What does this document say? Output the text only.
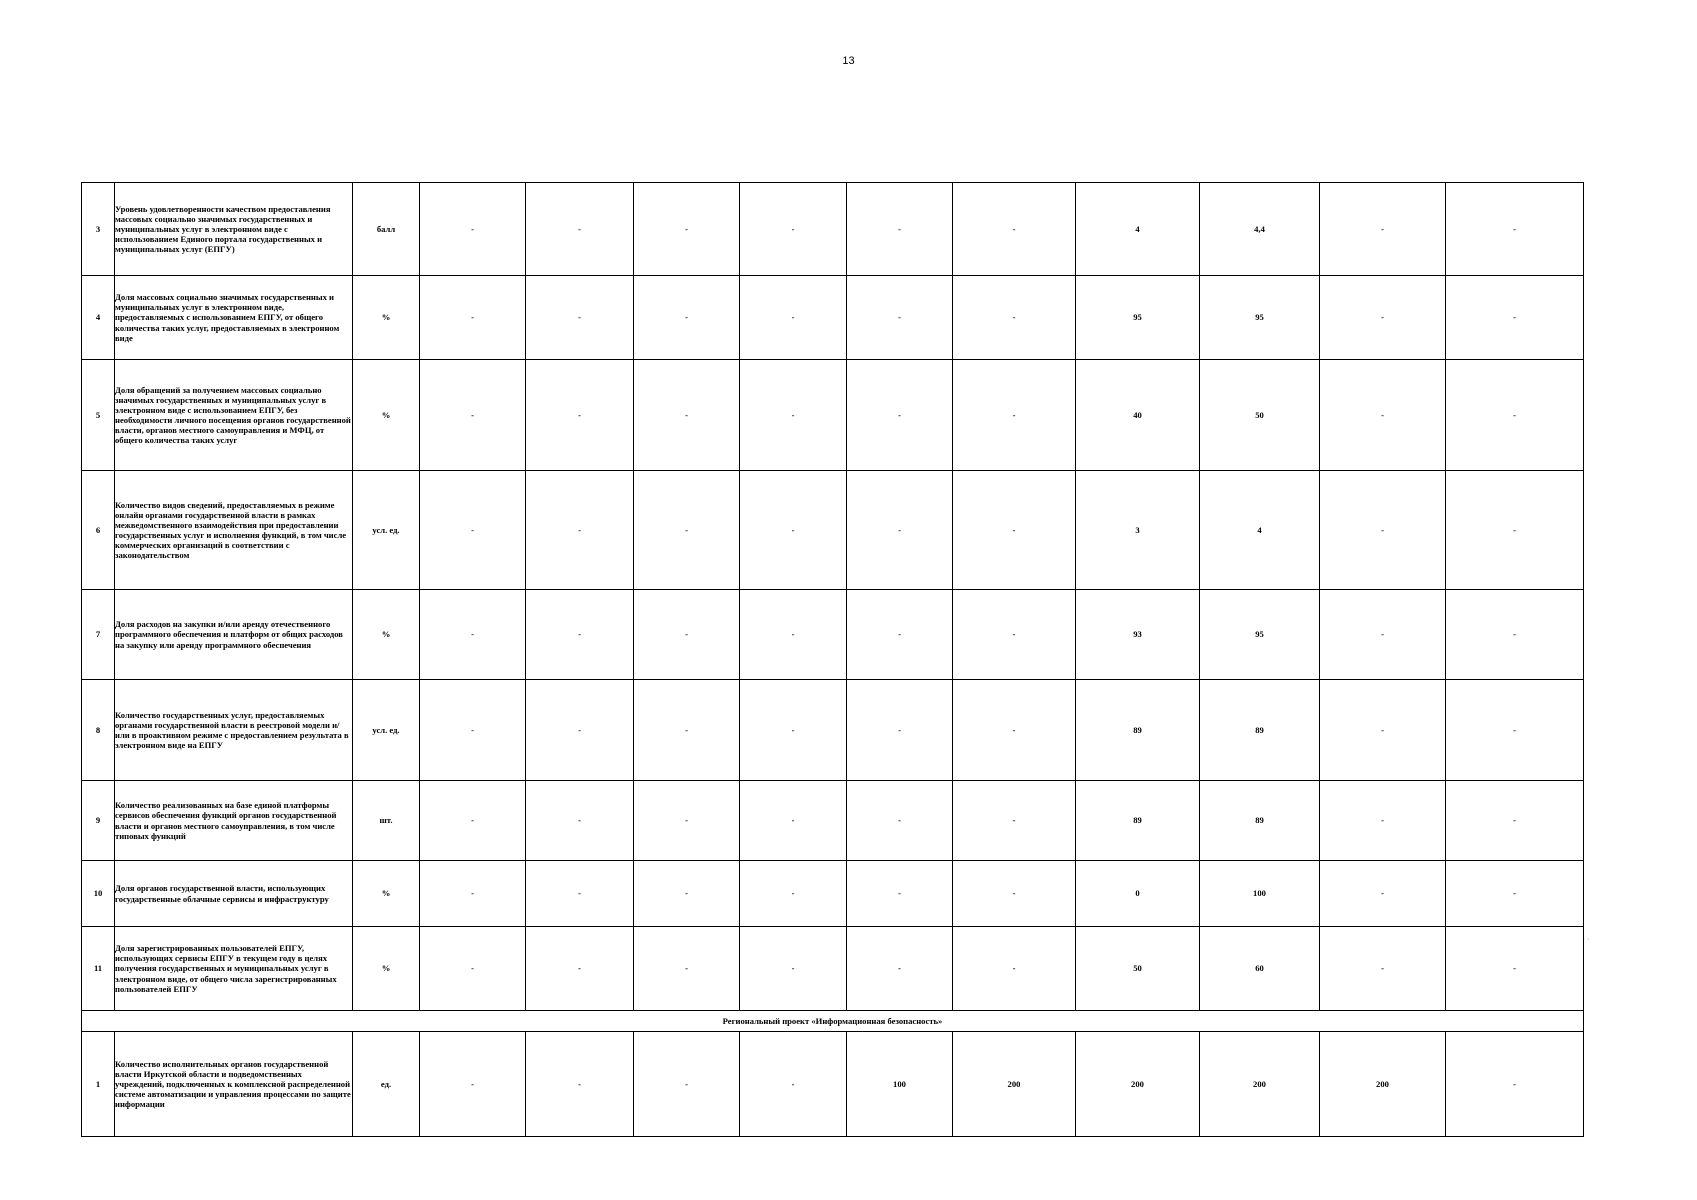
13
3	Уровень удовлетворенности качеством предоставления массовых социально значимых государственных и муниципальных услуг в электронном виде с использованием Единого портала государственных и муниципальных услуг (ЕПГУ)	балл	-	-	-	-	-	-	4	4,4	-	-
4	Доля массовых социально значимых государственных и муниципальных услуг в электронном виде, предоставляемых с использованием ЕПГУ, от общего количества таких услуг, предоставляемых в электронном виде	%	-	-	-	-	-	-	95	95	-	-
5	Доля обращений за получением массовых социально значимых государственных и муниципальных услуг в электронном виде с использованием ЕПГУ, без необходимости личного посещения органов государственной власти, органов местного самоуправления и МФЦ, от общего количества таких услуг	%	-	-	-	-	-	-	40	50	-	-
6	Количество видов сведений, предоставляемых в режиме онлайн органами государственной власти в рамках межведомственного взаимодействия при предоставлении государственных услуг и исполнения функций, в том числе коммерческих организаций в соответствии с законодательством	усл. ед.	-	-	-	-	-	-	3	4	-	-
7	Доля расходов на закупки и/или аренду отечественного программного обеспечения и платформ от общих расходов на закупку или аренду программного обеспечения	%	-	-	-	-	-	-	93	95	-	-
8	Количество государственных услуг, предоставляемых органами государственной власти в реестровой модели и/или в проактивном режиме с предоставлением результата в электронном виде на ЕПГУ	усл. ед.	-	-	-	-	-	-	89	89	-	-
9	Количество реализованных на базе единой платформы сервисов обеспечения функций органов государственной власти и органов местного самоуправления, в том числе типовых функций	шт.	-	-	-	-	-	-	89	89	-	-
10	Доля органов государственной власти, использующих государственные облачные сервисы и инфраструктуру	%	-	-	-	-	-	-	0	100	-	-
11	Доля зарегистрированных пользователей ЕПГУ, использующих сервисы ЕПГУ в текущем году в целях получения государственных и муниципальных услуг в электронном виде, от общего числа зарегистрированных пользователей ЕПГУ	%	-	-	-	-	-	-	50	60	-	-
Региональный проект «Информационная безопасность»												
1	Количество исполнительных органов государственной власти Иркутской области и подведомственных учреждений, подключенных к комплексной распределенной системе автоматизации и управления процессами по защите информации	ед.	-	-	-	-	100	200	200	200	200	-
·
